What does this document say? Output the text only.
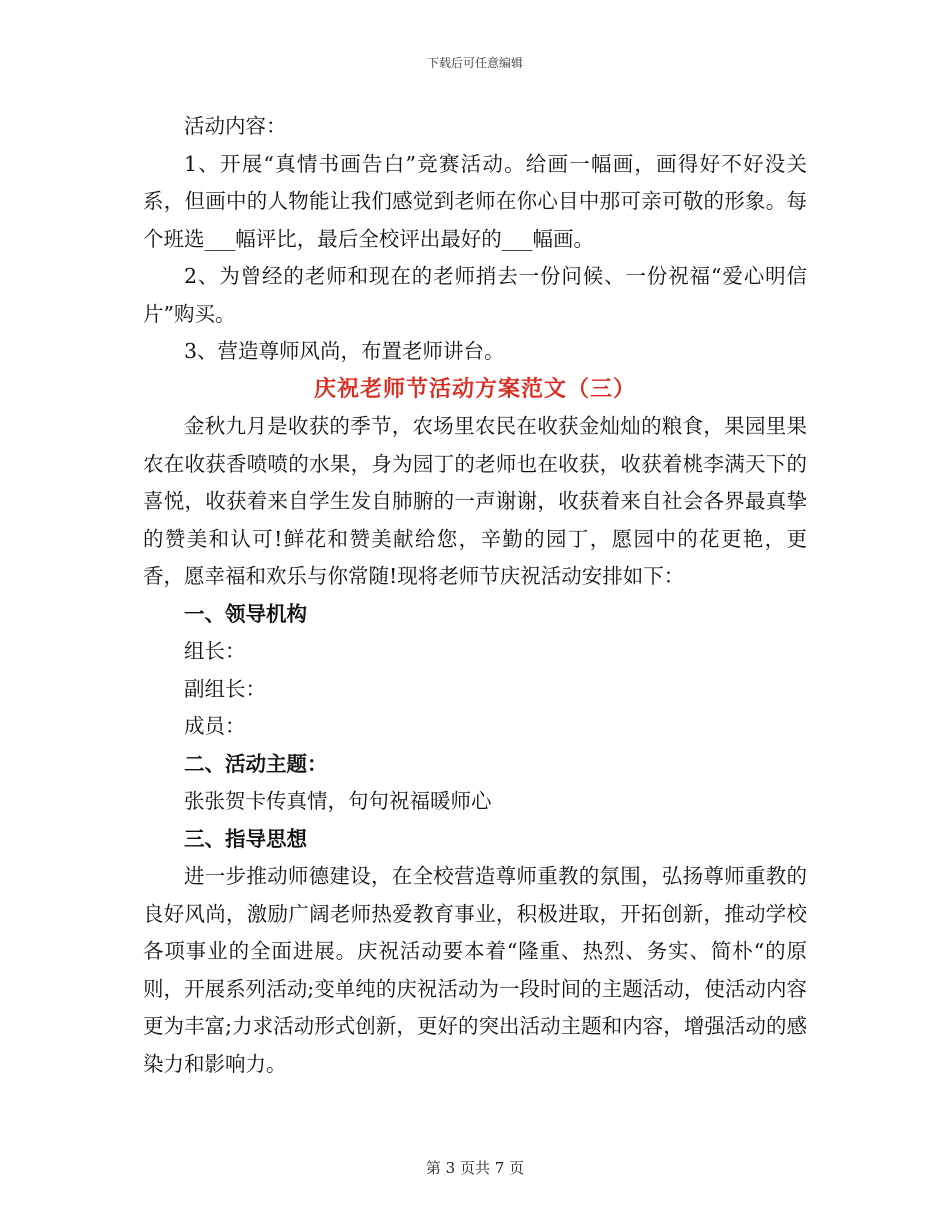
下载后可任意编辑

活动内容：

1、开展“真情书画告白”竞赛活动。给画一幅画，画得好不好没关系，但画中的人物能让我们感觉到老师在你心目中那可亲可敬的形象。每个班选___幅评比，最后全校评出最好的___幅画。

2、为曾经的老师和现在的老师捎去一份问候、一份祝福“爱心明信片”购买。

3、营造尊师风尚，布置老师讲台。

庆祝老师节活动方案范文（三）

金秋九月是收获的季节，农场里农民在收获金灿灿的粮食，果园里果农在收获香喷喷的水果，身为园丁的老师也在收获，收获着桃李满天下的喜悦，收获着来自学生发自肺腑的一声谢谢，收获着来自社会各界最真挚的赞美和认可!鲜花和赞美献给您，辛勤的园丁，愿园中的花更艳，更香，愿幸福和欢乐与你常随!现将老师节庆祝活动安排如下：

一、领导机构

组长：

副组长：

成员：

二、活动主题：

张张贺卡传真情，句句祝福暖师心

三、指导思想

进一步推动师德建设，在全校营造尊师重教的氛围，弘扬尊师重教的良好风尚，激励广阔老师热爱教育事业，积极进取，开拓创新，推动学校各项事业的全面进展。庆祝活动要本着“隆重、热烈、务实、简朴“的原则，开展系列活动;变单纯的庆祝活动为一段时间的主题活动，使活动内容更为丰富;力求活动形式创新，更好的突出活动主题和内容，增强活动的感染力和影响力。

第 3 页共 7 页
